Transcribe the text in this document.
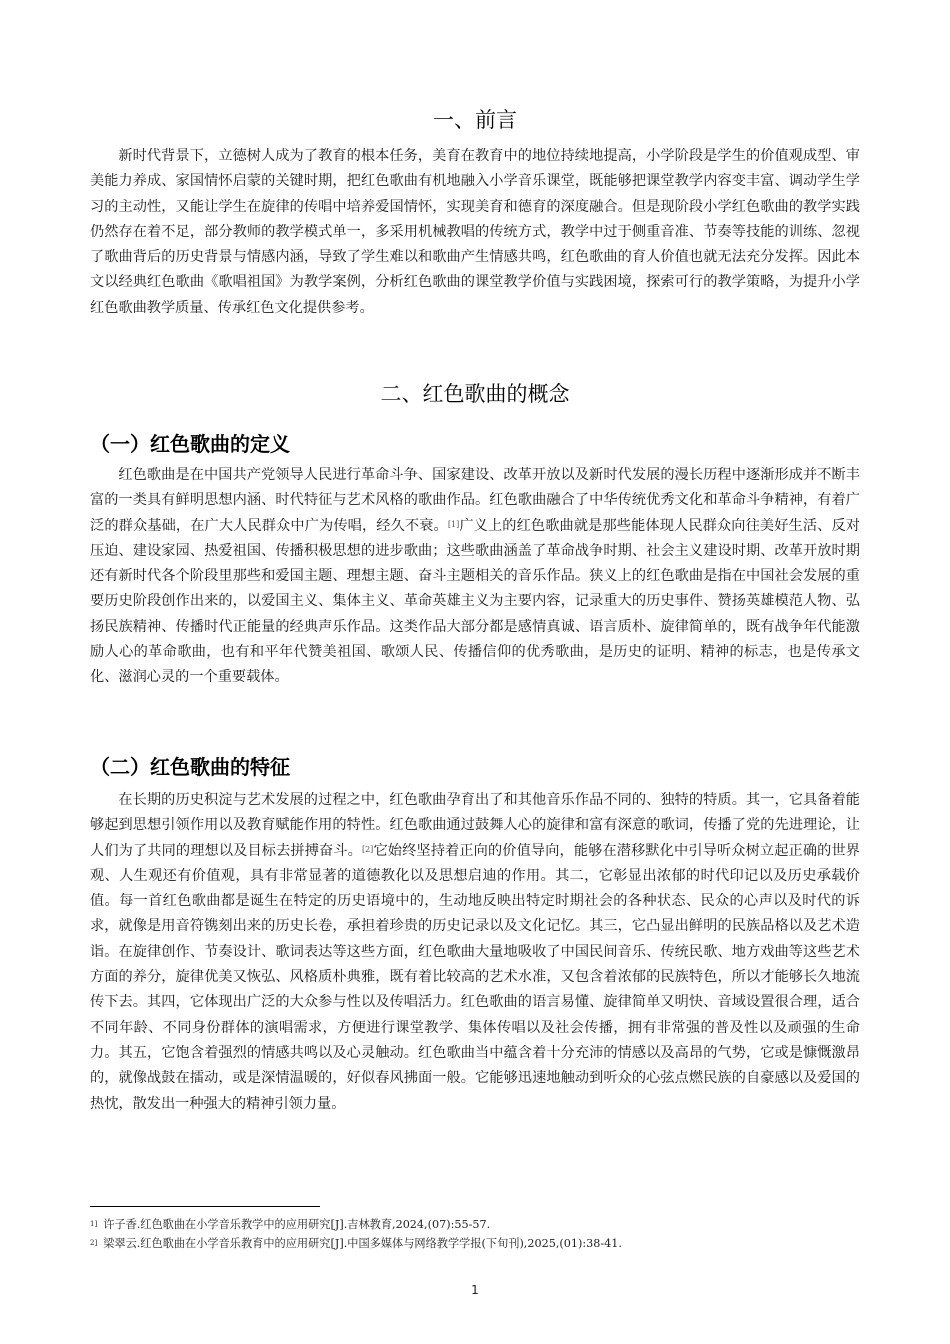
一、前言

新时代背景下，立德树人成为了教育的根本任务，美育在教育中的地位持续地提高，小学阶段是学生的价值观成型、审美能力养成、家国情怀启蒙的关键时期，把红色歌曲有机地融入小学音乐课堂，既能够把课堂教学内容变丰富、调动学生学习的主动性，又能让学生在旋律的传唱中培养爱国情怀，实现美育和德育的深度融合。但是现阶段小学红色歌曲的教学实践仍然存在着不足，部分教师的教学模式单一，多采用机械教唱的传统方式，教学中过于侧重音准、节奏等技能的训练、忽视了歌曲背后的历史背景与情感内涵，导致了学生难以和歌曲产生情感共鸣，红色歌曲的育人价值也就无法充分发挥。因此本文以经典红色歌曲《歌唱祖国》为教学案例，分析红色歌曲的课堂教学价值与实践困境，探索可行的教学策略，为提升小学红色歌曲教学质量、传承红色文化提供参考。

二、红色歌曲的概念
（一）红色歌曲的定义

红色歌曲是在中国共产党领导人民进行革命斗争、国家建设、改革开放以及新时代发展的漫长历程中逐渐形成并不断丰富的一类具有鲜明思想内涵、时代特征与艺术风格的歌曲作品。红色歌曲融合了中华传统优秀文化和革命斗争精神，有着广泛的群众基础，在广大人民群众中广为传唱，经久不衰。[1]广义上的红色歌曲就是那些能体现人民群众向往美好生活、反对压迫、建设家园、热爱祖国、传播积极思想的进步歌曲；这些歌曲涵盖了革命战争时期、社会主义建设时期、改革开放时期还有新时代各个阶段里那些和爱国主题、理想主题、奋斗主题相关的音乐作品。狭义上的红色歌曲是指在中国社会发展的重要历史阶段创作出来的，以爱国主义、集体主义、革命英雄主义为主要内容，记录重大的历史事件、赞扬英雄模范人物、弘扬民族精神、传播时代正能量的经典声乐作品。这类作品大部分都是感情真诚、语言质朴、旋律简单的，既有战争年代能激励人心的革命歌曲，也有和平年代赞美祖国、歌颂人民、传播信仰的优秀歌曲，是历史的证明、精神的标志，也是传承文化、滋润心灵的一个重要载体。

（二）红色歌曲的特征

在长期的历史积淀与艺术发展的过程之中，红色歌曲孕育出了和其他音乐作品不同的、独特的特质。其一，它具备着能够起到思想引领作用以及教育赋能作用的特性。红色歌曲通过鼓舞人心的旋律和富有深意的歌词，传播了党的先进理论，让人们为了共同的理想以及目标去拼搏奋斗。[2]它始终坚持着正向的价值导向，能够在潜移默化中引导听众树立起正确的世界观、人生观还有价值观，具有非常显著的道德教化以及思想启迪的作用。其二，它彰显出浓郁的时代印记以及历史承载价值。每一首红色歌曲都是诞生在特定的历史语境中的，生动地反映出特定时期社会的各种状态、民众的心声以及时代的诉求，就像是用音符镌刻出来的历史长卷，承担着珍贵的历史记录以及文化记忆。其三，它凸显出鲜明的民族品格以及艺术造诣。在旋律创作、节奏设计、歌词表达等这些方面，红色歌曲大量地吸收了中国民间音乐、传统民歌、地方戏曲等这些艺术方面的养分，旋律优美又恢弘、风格质朴典雅，既有着比较高的艺术水准，又包含着浓郁的民族特色，所以才能够长久地流传下去。其四，它体现出广泛的大众参与性以及传唱活力。红色歌曲的语言易懂、旋律简单又明快、音域设置很合理，适合不同年龄、不同身份群体的演唱需求，方便进行课堂教学、集体传唱以及社会传播，拥有非常强的普及性以及顽强的生命力。其五，它饱含着强烈的情感共鸣以及心灵触动。红色歌曲当中蕴含着十分充沛的情感以及高昂的气势，它或是慷慨激昂的，就像战鼓在擂动，或是深情温暖的，好似春风拂面一般。它能够迅速地触动到听众的心弦点燃民族的自豪感以及爱国的热忱，散发出一种强大的精神引领力量。

$^{1]}$ 许子香.红色歌曲在小学音乐教学中的应用研究[J].吉林教育,2024,(07):55-57.
$^{2]}$ 梁翠云.红色歌曲在小学音乐教育中的应用研究[J].中国多媒体与网络教学学报(下旬刊),2025,(01):38-41.
1
